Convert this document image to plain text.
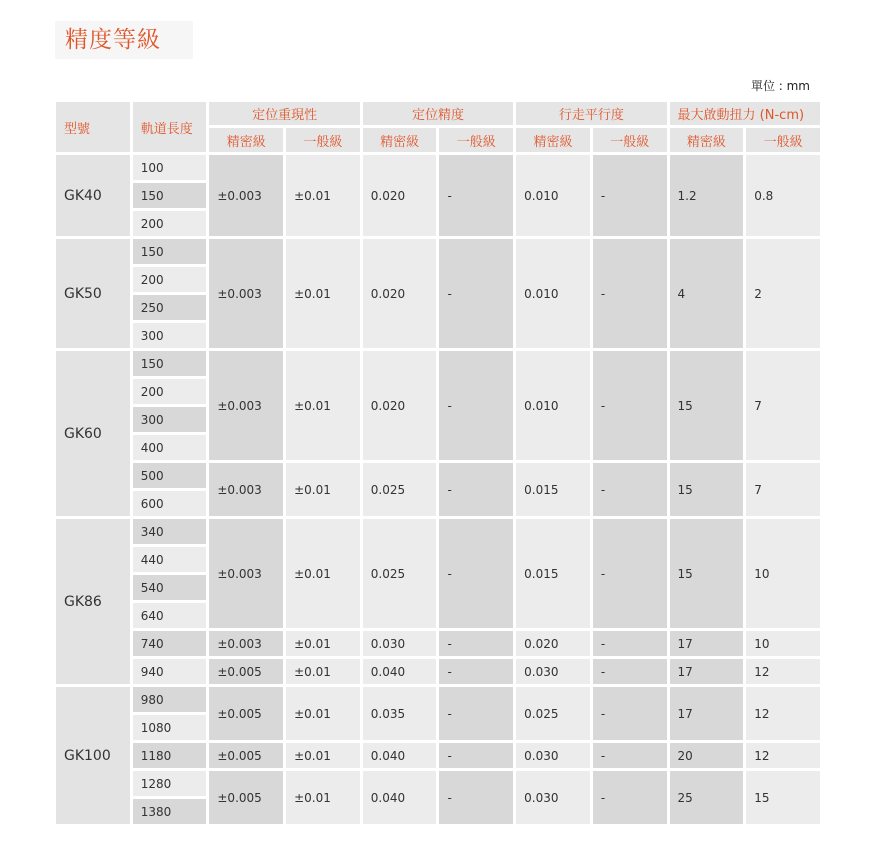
精度等級
單位 : mm
型號	軌道長度	定位重現性		定位精度		行走平行度		最大啟動扭力 (N-cm)	
		精密級	一般級	精密級	一般級	精密級	一般級	精密級	一般級
GK40	100	±0.003	±0.01	0.020	-	0.010	-	1.2	0.8
	150								
	200								
GK50	150	±0.003	±0.01	0.020	-	0.010	-	4	2
	200								
	250								
	300								
GK60	150	±0.003	±0.01	0.020	-	0.010	-	15	7
	200								
	300								
	400								
	500	±0.003	±0.01	0.025	-	0.015	-	15	7
	600								
GK86	340	±0.003	±0.01	0.025	-	0.015	-	15	10
	440								
	540								
	640								
	740	±0.003	±0.01	0.030	-	0.020	-	17	10
	940	±0.005	±0.01	0.040	-	0.030	-	17	12
GK100	980	±0.005	±0.01	0.035	-	0.025	-	17	12
	1080								
	1180	±0.005	±0.01	0.040	-	0.030	-	20	12
	1280	±0.005	±0.01	0.040	-	0.030	-	25	15
	1380								
